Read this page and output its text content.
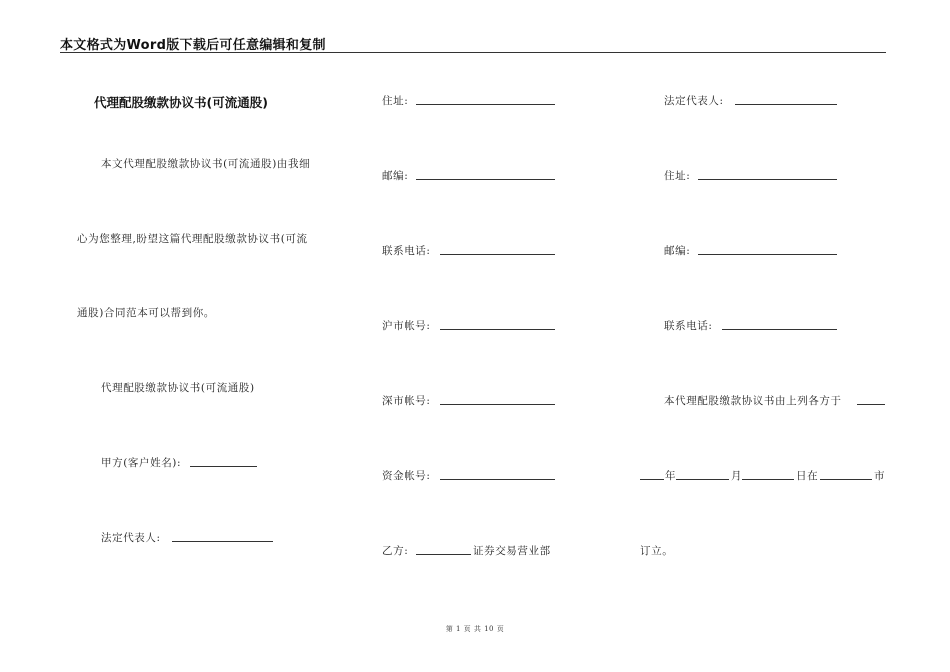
本文格式为Word版下载后可任意编辑和复制
代理配股缴款协议书(可流通股)
本文代理配股缴款协议书(可流通股)由我细
心为您整理,盼望这篇代理配股缴款协议书(可流
通股)合同范本可以帮到你。
代理配股缴款协议书(可流通股)
甲方(客户姓名):
法定代表人:
住址:
邮编:
联系电话:
沪市帐号:
深市帐号:
资金帐号:
乙方:	证券交易营业部
法定代表人:
住址:
邮编:
联系电话:
本代理配股缴款协议书由上列各方于
年	月	日在	市
订立。
第 1 页 共 10 页
